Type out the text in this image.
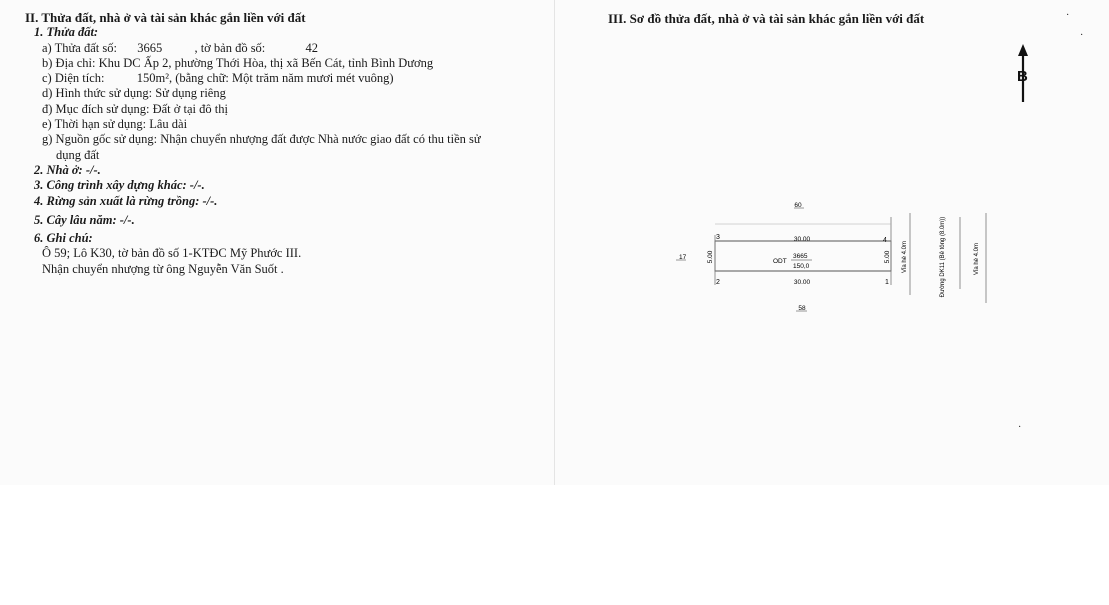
II. Thửa đất, nhà ở và tài sản khác gắn liền với đất
1. Thửa đất:
a) Thửa đất số: 3665	, tờ bản đồ số:	42
b) Địa chỉ: Khu DC Ấp 2, phường Thới Hòa, thị xã Bến Cát, tỉnh Bình Dương
c) Diện tích:	150m², (bằng chữ: Một trăm năm mươi mét vuông)
d) Hình thức sử dụng: Sử dụng riêng
đ) Mục đích sử dụng: Đất ở tại đô thị
e) Thời hạn sử dụng: Lâu dài
g) Nguồn gốc sử dụng: Nhận chuyển nhượng đất được Nhà nước giao đất có thu tiền sử
dụng đất
2. Nhà ở: -/-.
3. Công trình xây dựng khác: -/-.
4. Rừng sản xuất là rừng trồng: -/-.
5. Cây lâu năm: -/-.
6. Ghi chú:
Ô 59; Lô K30, tờ bản đồ số 1-KTĐC Mỹ Phước III.
Nhận chuyển nhượng từ ông Nguyễn Văn Suốt .
III. Sơ đồ thửa đất, nhà ở và tài sản khác gắn liền với đất
B
60
58
17
3	4
2	1
30.00
30.00
5.00	5.00
ODT
3665
150,0	Vỉa hè 4.0m	Đường DK11 (Bê tông (8.0m))	Vỉa hè 4.0m
·
·
·
